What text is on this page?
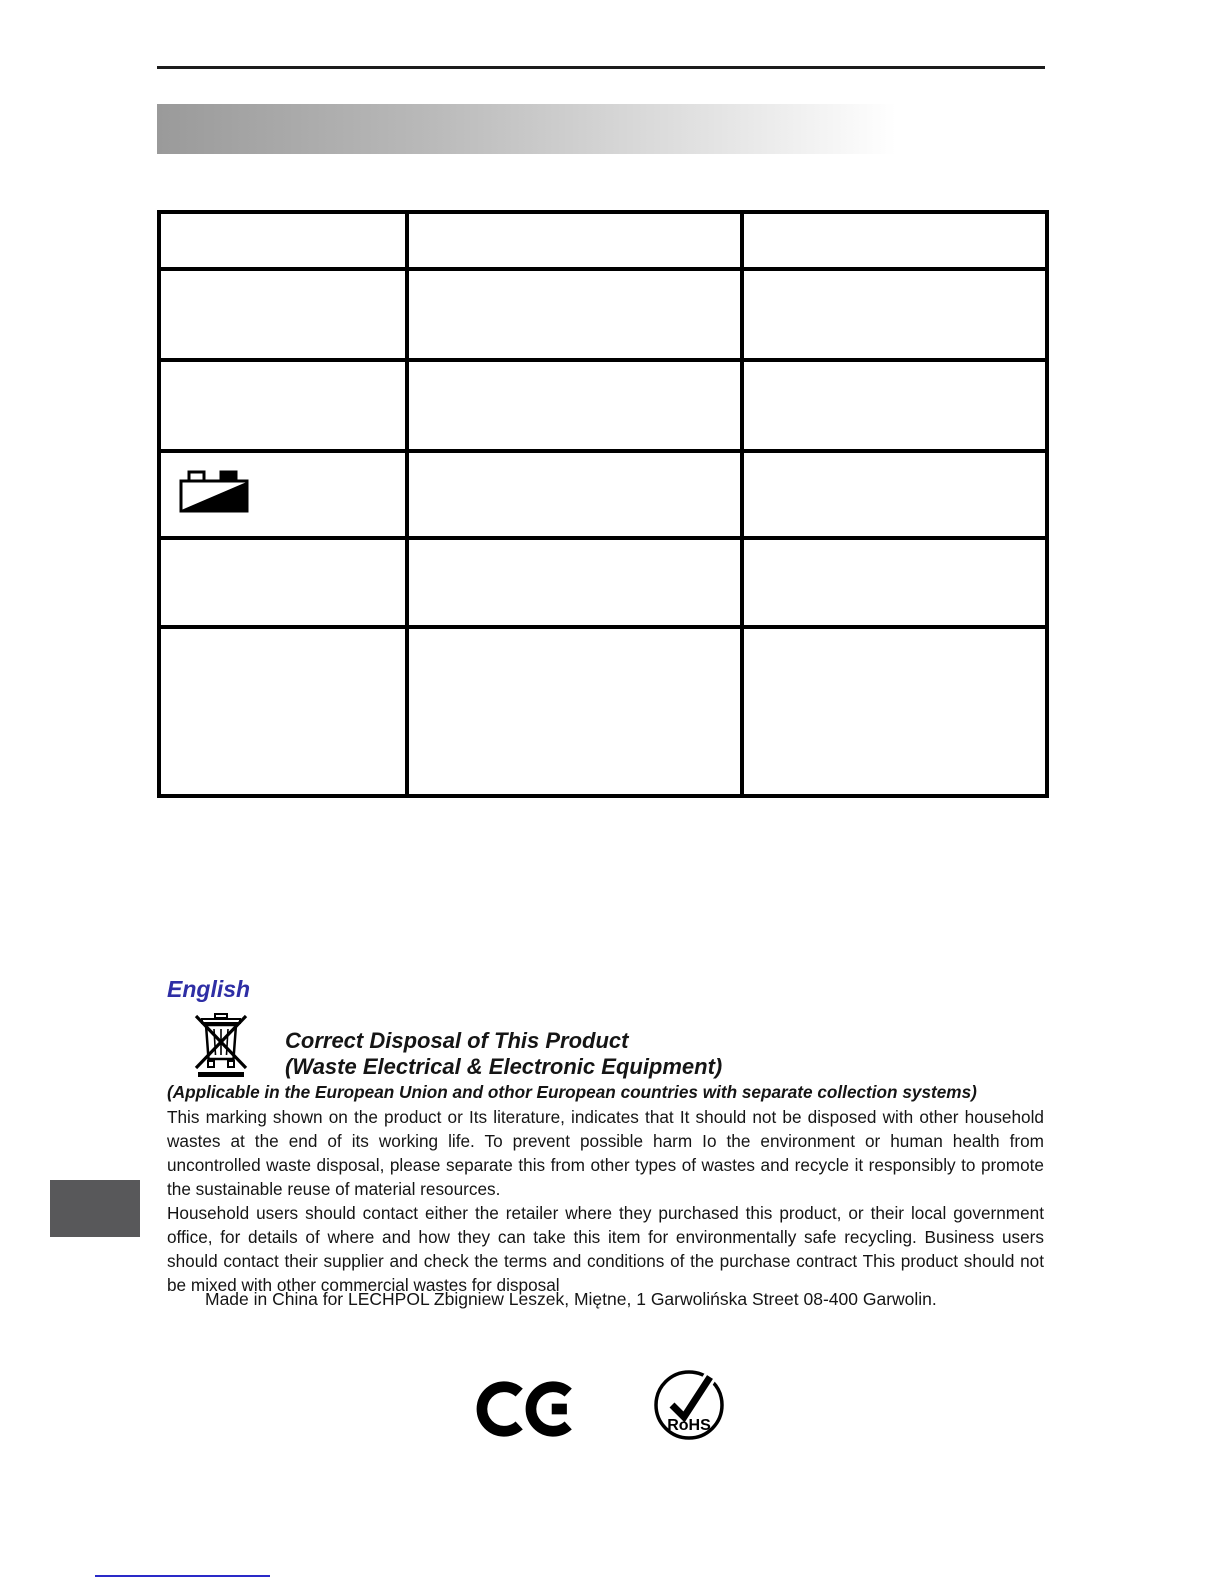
English
Correct Disposal of This Product
(Waste Electrical & Electronic Equipment)

(Applicable in the European Union and othor European countries with separate collection systems)

This marking shown on the product or Its literature, indicates that It should not be disposed with other household wastes at the end of its working life. To prevent possible harm Io the environment or human health from uncontrolled waste disposal, please separate this from other types of wastes and recycle it responsibly to promote the sustainable reuse of material resources.

Household users should contact either the retailer where they purchased this product, or their local government office, for details of where and how they can take this item for environmentally safe recycling. Business users should contact their supplier and check the terms and conditions of the purchase contract This product should not be mixed with other commercial wastes for disposal

Made in China for LECHPOL Zbigniew Leszek, Miętne, 1 Garwolińska Street 08-400 Garwolin.
RoHS
